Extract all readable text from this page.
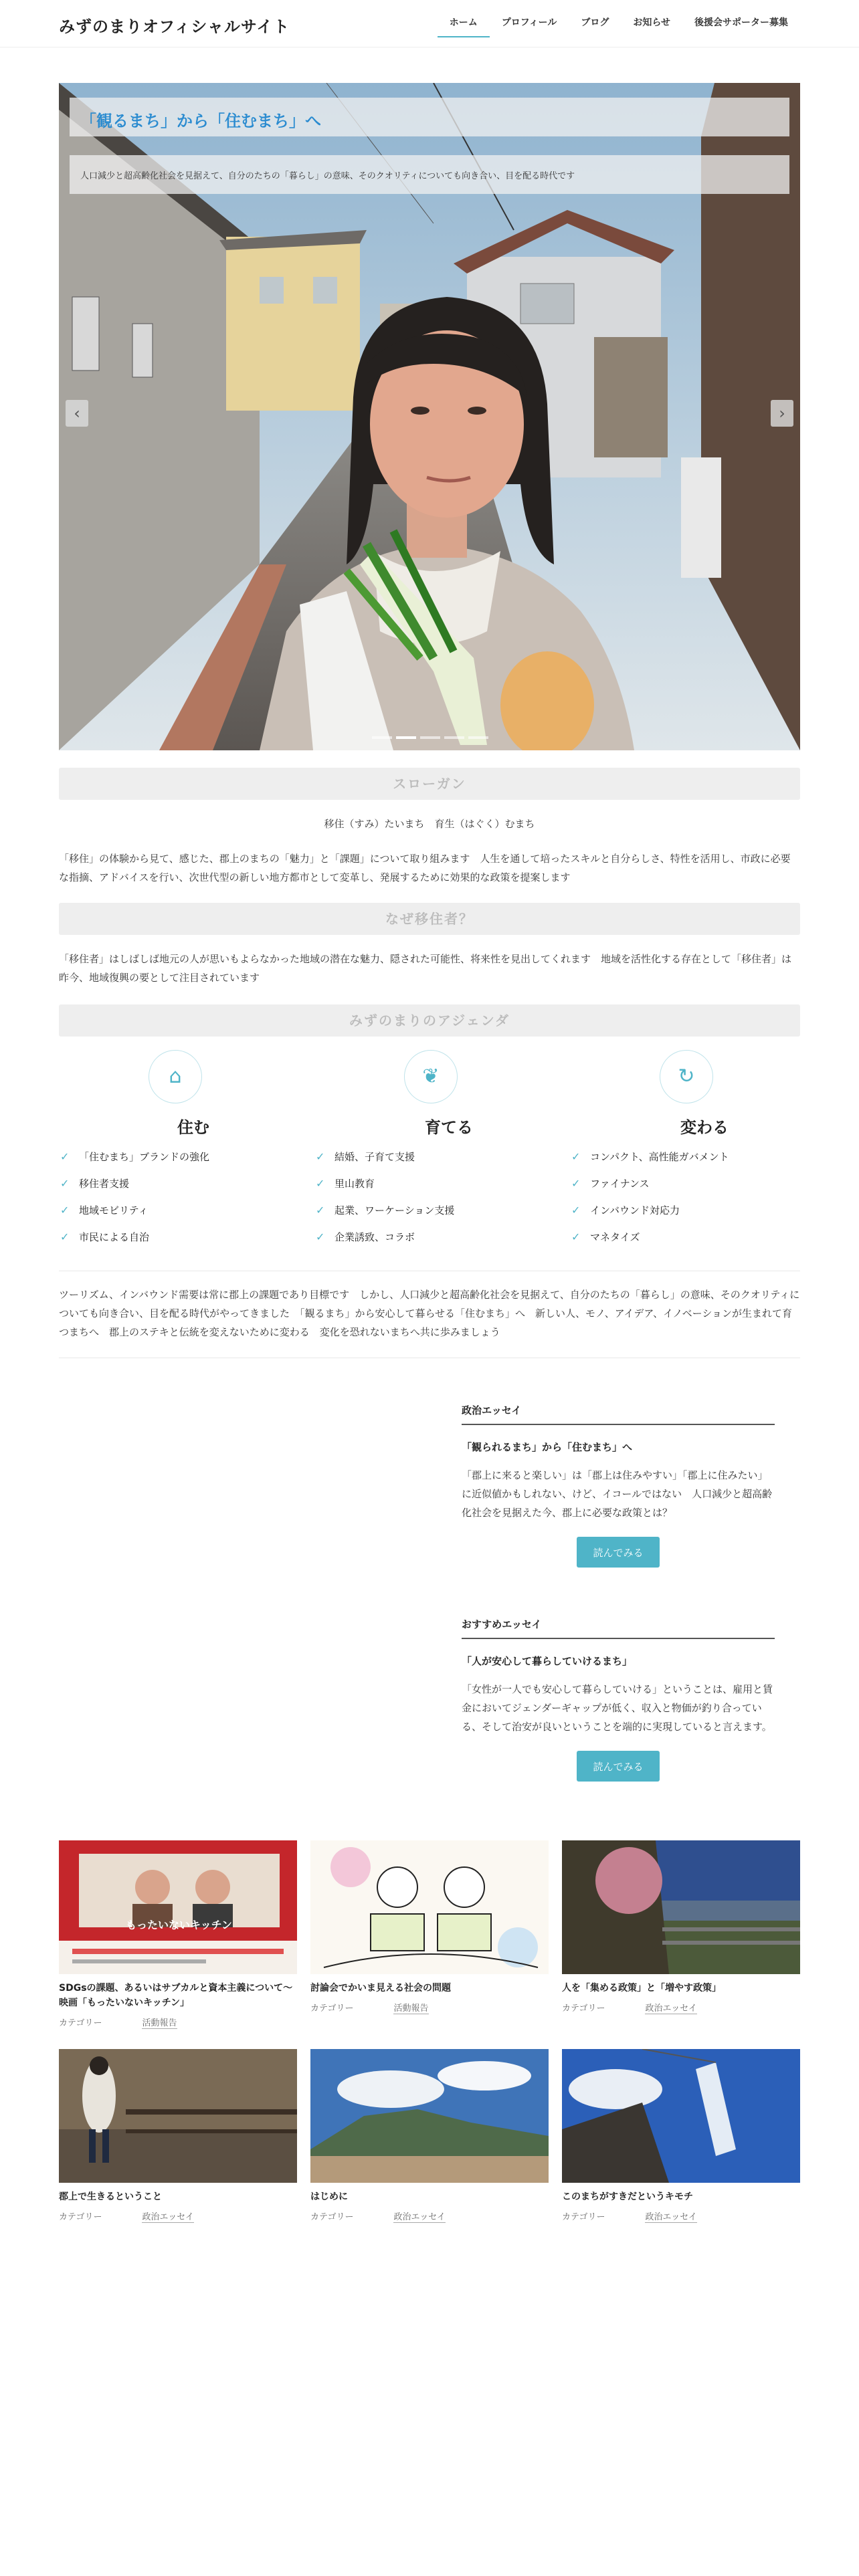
みずのまりオフィシャルサイト	ホーム	プロフィール	ブログ	お知らせ	後援会サポーター募集
「観るまち」から「住むまち」へ
人口減少と超高齢化社会を見据えて、自分のたちの「暮らし」の意味、そのクオリティについても向き合い、目を配る時代です
‹	›
スローガン
移住（すみ）たいまち　育生（はぐく）むまち
「移住」の体験から見て、感じた、郡上のまちの「魅力」と「課題」について取り組みます　人生を通して培ったスキルと自分らしさ、特性を活用し、市政に必要な指摘、アドバイスを行い、次世代型の新しい地方都市として変革し、発展するために効果的な政策を提案します
なぜ移住者？
「移住者」はしばしば地元の人が思いもよらなかった地域の潜在な魅力、隠された可能性、将来性を見出してくれます　地域を活性化する存在として「移住者」は昨今、地域復興の要として注目されています
みずのまりのアジェンダ
⌂
住む
✓ 「住むまち」ブランドの強化
✓ 移住者支援
✓ 地域モビリティ
✓ 市民による自治
❦
育てる
✓ 結婚、子育て支援
✓ 里山教育
✓ 起業、ワーケーション支援
✓ 企業誘致、コラボ
↻
変わる
✓ コンパクト、高性能ガバメント
✓ ファイナンス
✓ インバウンド対応力
✓ マネタイズ
ツーリズム、インバウンド需要は常に郡上の課題であり目標です　しかし、人口減少と超高齢化社会を見据えて、自分のたちの「暮らし」の意味、そのクオリティについても向き合い、目を配る時代がやってきました　「観るまち」から安心して暮らせる「住むまち」へ　新しい人、モノ、アイデア、イノベーションが生まれて育つまちへ　郡上のステキと伝統を変えないために変わる　変化を恐れないまちへ共に歩みましょう
政治エッセイ
「観られるまち」から「住むまち」へ
「郡上に来ると楽しい」は「郡上は住みやすい」「郡上に住みたい」に近似値かもしれない、けど、イコールではない　人口減少と超高齢化社会を見据えた今、郡上に必要な政策とは？
読んでみる
おすすめエッセイ
「人が安心して暮らしていけるまち」
「女性が一人でも安心して暮らしていける」ということは、雇用と賃金においてジェンダーギャップが低く、収入と物価が釣り合っている、そして治安が良いということを端的に実現していると言えます。
読んでみる
もったいないキッチン
SDGsの課題、あるいはサブカルと資本主義について〜映画「もったいないキッチン」
カテゴリー	活動報告
討論会でかいま見える社会の問題
カテゴリー	活動報告
人を「集める政策」と「増やす政策」
カテゴリー	政治エッセイ
郡上で生きるということ
カテゴリー	政治エッセイ
はじめに
カテゴリー	政治エッセイ
このまちがすきだというキモチ
カテゴリー	政治エッセイ
